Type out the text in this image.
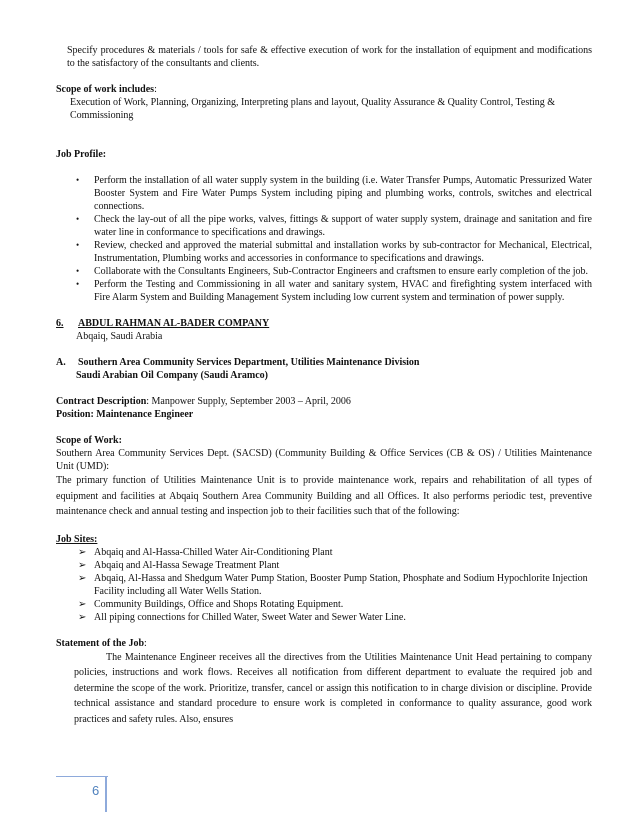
Specify procedures & materials / tools for safe & effective execution of work for the installation of equipment and modifications to the satisfactory of the consultants and clients.

Scope of work includes:

Execution of Work, Planning, Organizing, Interpreting plans and layout, Quality Assurance & Quality Control, Testing & Commissioning

Job Profile:

• Perform the installation of all water supply system in the building (i.e. Water Transfer Pumps, Automatic Pressurized Water Booster System and Fire Water Pumps System including piping and plumbing works, controls, switches and electrical connections.
• Check the lay-out of all the pipe works, valves, fittings & support of water supply system, drainage and sanitation and fire water line in conformance to specifications and drawings.
• Review, checked and approved the material submittal and installation works by sub-contractor for Mechanical, Electrical, Instrumentation, Plumbing works and accessories in conformance to specifications and drawings.
• Collaborate with the Consultants Engineers, Sub-Contractor Engineers and craftsmen to ensure early completion of the job.
• Perform the Testing and Commissioning in all water and sanitary system, HVAC and firefighting system interfaced with Fire Alarm System and Building Management System including low current system and termination of power supply.
6. ABDUL RAHMAN AL-BADER COMPANY

Abqaiq, Saudi Arabia

A. Southern Area Community Services Department, Utilities Maintenance Division

Saudi Arabian Oil Company (Saudi Aramco)

Contract Description: Manpower Supply, September 2003 – April, 2006

Position: Maintenance Engineer

Scope of Work:

Southern Area Community Services Dept. (SACSD) (Community Building & Office Services (CB & OS) / Utilities Maintenance Unit (UMD):

The primary function of Utilities Maintenance Unit is to provide maintenance work, repairs and rehabilitation of all types of equipment and facilities at Abqaiq Southern Area Community Building and all Offices. It also performs periodic test, preventive maintenance check and annual testing and inspection job to their facilities such that of the following:

Job Sites:

➢ Abqaiq and Al-Hassa-Chilled Water Air-Conditioning Plant
➢ Abqaiq and Al-Hassa Sewage Treatment Plant
➢ Abqaiq, Al-Hassa and Shedgum Water Pump Station, Booster Pump Station, Phosphate and Sodium Hypochlorite Injection Facility including all Water Wells Station.
➢ Community Buildings, Office and Shops Rotating Equipment.
➢ All piping connections for Chilled Water, Sweet Water and Sewer Water Line.

Statement of the Job:

The Maintenance Engineer receives all the directives from the Utilities Maintenance Unit Head pertaining to company policies, instructions and work flows. Receives all notification from different department to evaluate the required job and determine the scope of the work. Prioritize, transfer, cancel or assign this notification to in charge division or discipline. Provide technical assistance and standard procedure to ensure work is completed in conformance to quality assurance, good work practices and safety rules. Also, ensures

6
